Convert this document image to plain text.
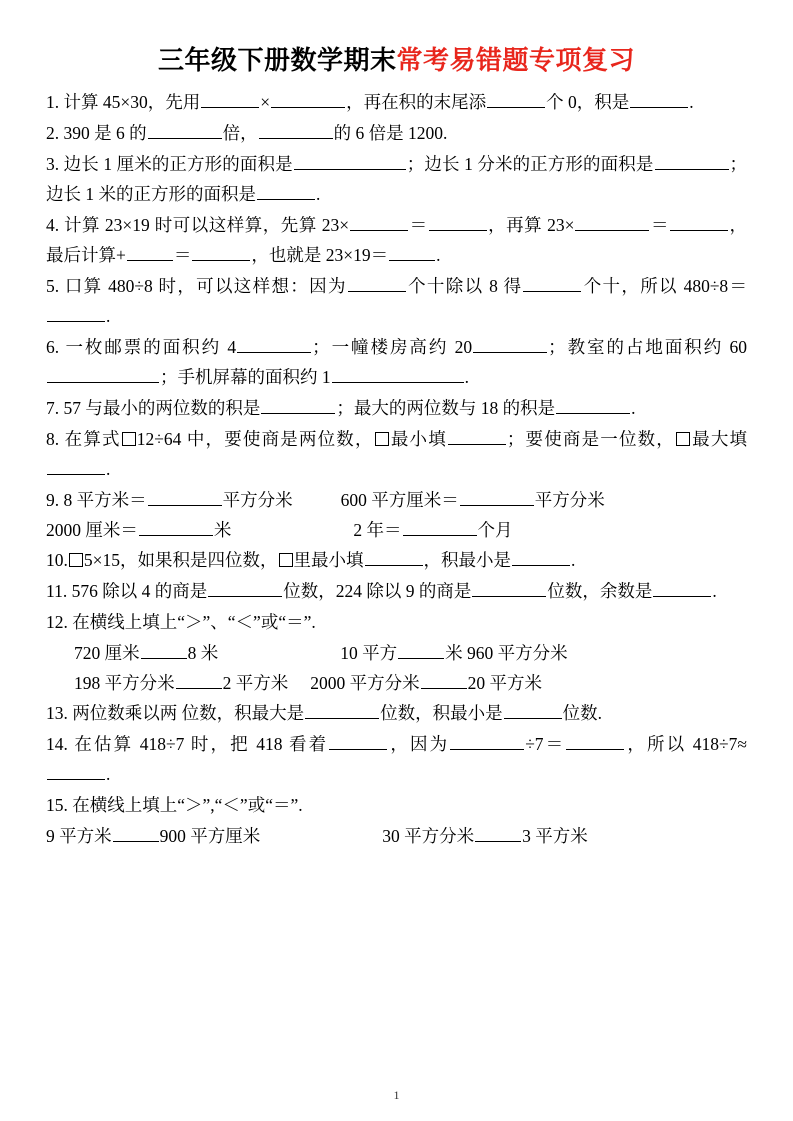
三年级下册数学期末常考易错题专项复习

1. 计算 45×30，先用	×	，再在积的末尾添	个 0，积是	.

2. 390 是 6 的	倍，	的 6 倍是 1200.

3. 边长 1 厘米的正方形的面积是	；边长 1 分米的正方形的面积是	；边长 1 米的正方形的面积是	.

4. 计算 23×19 时可以这样算，先算 23×	＝	，再算 23×	＝	，最后计算+	＝	，也就是 23×19＝	.

5. 口算 480÷8 时，可以这样想：因为	个十除以 8 得	个十，所以 480÷8＝.

6. 一枚邮票的面积约 4	；一幢楼房高约 20	；教室的占地面积约 60；手机屏幕的面积约 1	.

7. 57 与最小的两位数的积是	；最大的两位数与 18 的积是	.

8. 在算式 12÷64 中，要使商是两位数， 最小填	；要使商是一位数， 最大填.

9. 8 平方米＝	平方分米	600 平方厘米＝	平方分米

2000 厘米＝	米	2 年＝	个月

10. 5×15，如果积是四位数， 里最小填	，积最小是	.

11. 576 除以 4 的商是	位数，224 除以 9 的商是	位数，余数是	.

12. 在横线上填上“＞”、“＜”或“＝”.

720 厘米	8 米	10 平方	米 960 平方分米

198 平方分米	2 平方米 2000 平方分米	20 平方米

13. 两位数乘以两 位数，积最大是	位数，积最小是	位数.

14. 在估算 418÷7 时，把 418 看着	，因为	÷7＝	，所以 418÷7≈.

15. 在横线上填上“＞”,“＜”或“＝”.

9 平方米	900 平方厘米	30 平方分米	3 平方米

1
